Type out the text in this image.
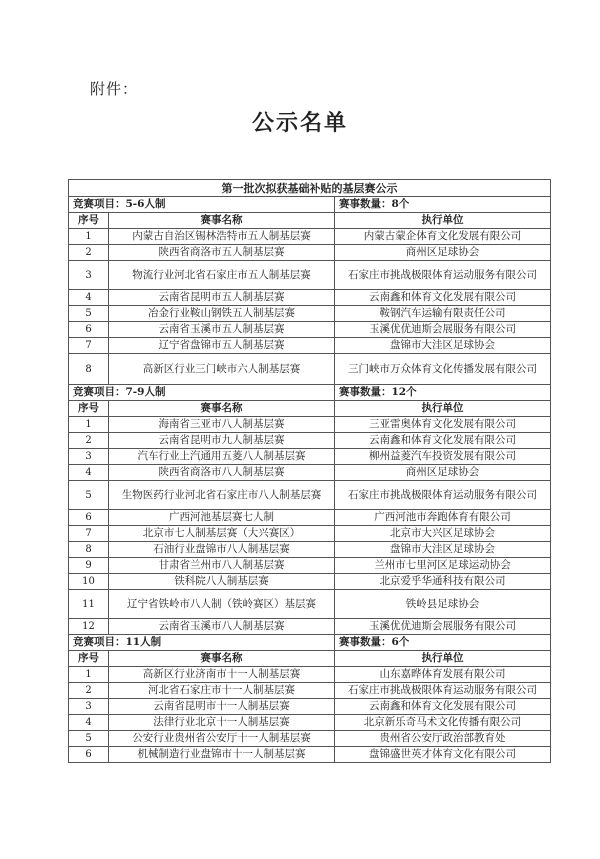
附件：
公示名单
第一批次拟获基础补贴的基层赛公示		
竞赛项目：5-6人制		赛事数量：8个
序号	赛事名称	执行单位
1	内蒙古自治区锡林浩特市五人制基层赛	内蒙古蒙企体育文化发展有限公司
2	陕西省商洛市五人制基层赛	商州区足球协会
3	物流行业河北省石家庄市五人制基层赛	石家庄市挑战极限体育运动服务有限公司
4	云南省昆明市五人制基层赛	云南鑫和体育文化发展有限公司
5	冶金行业鞍山钢铁五人制基层赛	鞍钢汽车运输有限责任公司
6	云南省玉溪市五人制基层赛	玉溪优优迪斯会展服务有限公司
7	辽宁省盘锦市五人制基层赛	盘锦市大洼区足球协会
8	高新区行业三门峡市六人制基层赛	三门峡市万众体育文化传播发展有限公司
竞赛项目：7-9人制		赛事数量：12个
序号	赛事名称	执行单位
1	海南省三亚市八人制基层赛	三亚雷奥体育文化发展有限公司
2	云南省昆明市九人制基层赛	云南鑫和体育文化发展有限公司
3	汽车行业上汽通用五菱八人制基层赛	柳州益菱汽车投资发展有限公司
4	陕西省商洛市八人制基层赛	商州区足球协会
5	生物医药行业河北省石家庄市八人制基层赛	石家庄市挑战极限体育运动服务有限公司
6	广西河池基层赛七人制	广西河池市奔跑体育有限公司
7	北京市七人制基层赛（大兴赛区）	北京市大兴区足球协会
8	石油行业盘锦市八人制基层赛	盘锦市大洼区足球协会
9	甘肃省兰州市八人制基层赛	兰州市七里河区足球运动协会
10	铁科院八人制基层赛	北京爱乎华通科技有限公司
11	辽宁省铁岭市八人制（铁岭赛区）基层赛	铁岭县足球协会
12	云南省玉溪市八人制基层赛	玉溪优优迪斯会展服务有限公司
竞赛项目：11人制		赛事数量：6个
序号	赛事名称	执行单位
1	高新区行业济南市十一人制基层赛	山东嘉晔体育发展有限公司
2	河北省石家庄市十一人制基层赛	石家庄市挑战极限体育运动服务有限公司
3	云南省昆明市十一人制基层赛	云南鑫和体育文化发展有限公司
4	法律行业北京十一人制基层赛	北京新乐奇马术文化传播有限公司
5	公安行业贵州省公安厅十一人制基层赛	贵州省公安厅政治部教育处
6	机械制造行业盘锦市十一人制基层赛	盘锦盛世英才体育文化有限公司
